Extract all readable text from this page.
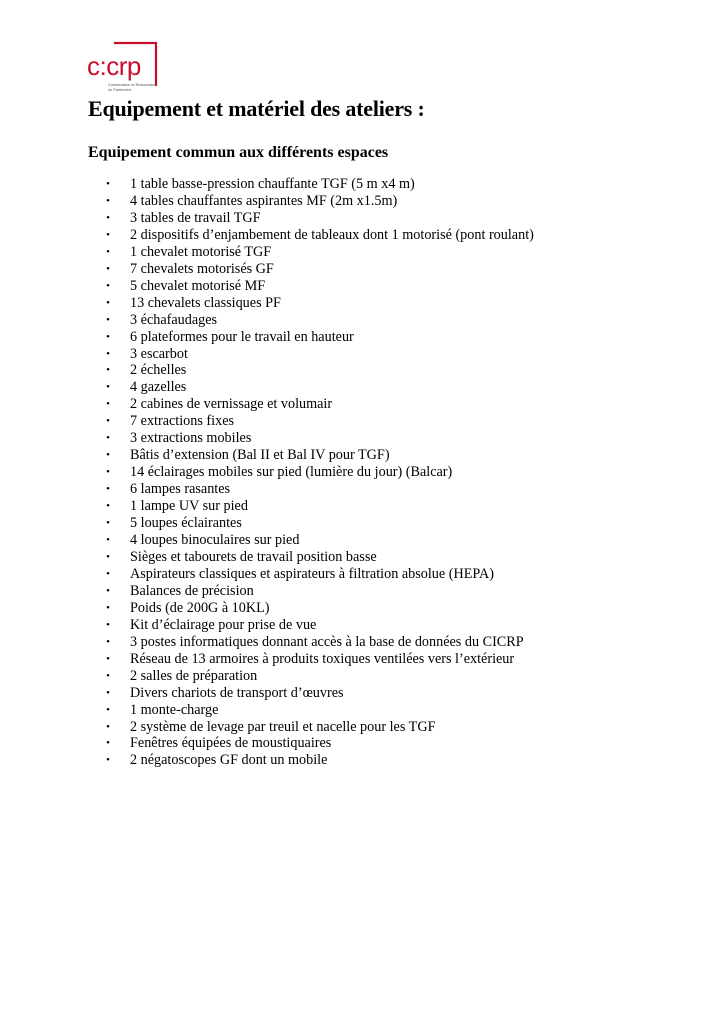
c:crp
Conservation et Restauration
du Patrimoine
Equipement et matériel des ateliers :
Equipement commun aux différents espaces
• 1 table basse-pression chauffante TGF (5 m x4 m)
• 4 tables chauffantes aspirantes MF (2m x1.5m)
• 3 tables de travail TGF
• 2 dispositifs d’enjambement de tableaux dont 1 motorisé (pont roulant)
• 1 chevalet motorisé TGF
• 7 chevalets motorisés GF
• 5 chevalet motorisé MF
• 13 chevalets classiques PF
• 3 échafaudages
• 6 plateformes pour le travail en hauteur
• 3 escarbot
• 2 échelles
• 4 gazelles
• 2 cabines de vernissage et volumair
• 7 extractions fixes
• 3 extractions mobiles
• Bâtis d’extension (Bal II et Bal IV pour TGF)
• 14 éclairages mobiles sur pied (lumière du jour) (Balcar)
• 6 lampes rasantes
• 1 lampe UV sur pied
• 5 loupes éclairantes
• 4 loupes binoculaires sur pied
• Sièges et tabourets de travail position basse
• Aspirateurs classiques et aspirateurs à filtration absolue (HEPA)
• Balances de précision
• Poids (de 200G à 10KL)
• Kit d’éclairage pour prise de vue
• 3 postes informatiques donnant accès à la base de données du CICRP
• Réseau de 13 armoires à produits toxiques ventilées vers l’extérieur
• 2 salles de préparation
• Divers chariots de transport d’œuvres
• 1 monte-charge
• 2 système de levage par treuil et nacelle pour les TGF
• Fenêtres équipées de moustiquaires
• 2 négatoscopes GF dont un mobile
